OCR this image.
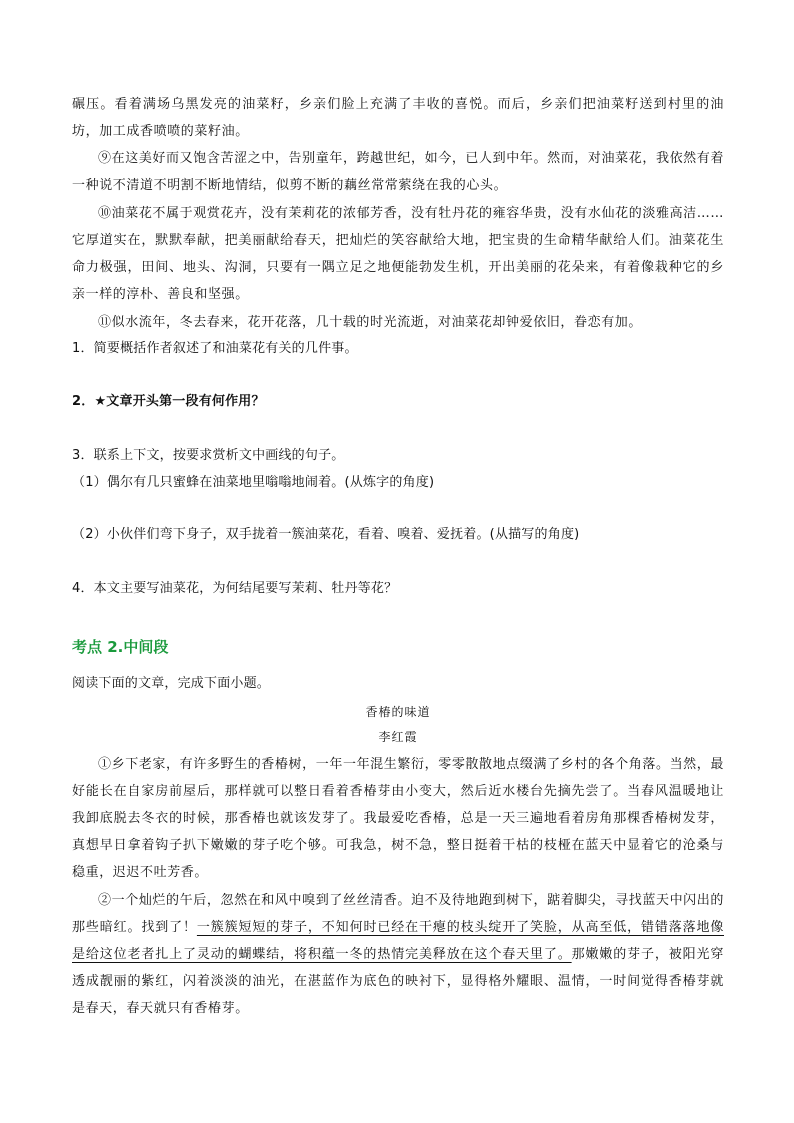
碾压。看着满场乌黑发亮的油菜籽，乡亲们脸上充满了丰收的喜悦。而后，乡亲们把油菜籽送到村里的油坊，加工成香喷喷的菜籽油。

⑨在这美好而又饱含苦涩之中，告别童年，跨越世纪，如今，已人到中年。然而，对油菜花，我依然有着一种说不清道不明割不断地情结，似剪不断的藕丝常常萦绕在我的心头。

⑩油菜花不属于观赏花卉，没有茉莉花的浓郁芳香，没有牡丹花的雍容华贵，没有水仙花的淡雅高洁……它厚道实在，默默奉献，把美丽献给春天，把灿烂的笑容献给大地，把宝贵的生命精华献给人们。油菜花生命力极强，田间、地头、沟洞，只要有一隅立足之地便能勃发生机，开出美丽的花朵来，有着像栽种它的乡亲一样的淳朴、善良和坚强。

⑪似水流年，冬去春来，花开花落，几十载的时光流逝，对油菜花却钟爱依旧，眷恋有加。

1．简要概括作者叙述了和油菜花有关的几件事。

2．★文章开头第一段有何作用？

3．联系上下文，按要求赏析文中画线的句子。

（1）偶尔有几只蜜蜂在油菜地里嗡嗡地闹着。(从炼字的角度)

（2）小伙伴们弯下身子，双手拢着一簇油菜花，看着、嗅着、爱抚着。(从描写的角度)

4．本文主要写油菜花，为何结尾要写茉莉、牡丹等花？

考点 2.中间段

阅读下面的文章，完成下面小题。

香椿的味道

李红霞

①乡下老家，有许多野生的香椿树，一年一年混生繁衍，零零散散地点缀满了乡村的各个角落。当然，最好能长在自家房前屋后，那样就可以整日看着香椿芽由小变大，然后近水楼台先摘先尝了。当春风温暖地让我卸底脱去冬衣的时候，那香椿也就该发芽了。我最爱吃香椿，总是一天三遍地看着房角那棵香椿树发芽，真想早日拿着钩子扒下嫩嫩的芽子吃个够。可我急，树不急，整日挺着干枯的枝桠在蓝天中显着它的沧桑与稳重，迟迟不吐芳香。

②一个灿烂的午后，忽然在和风中嗅到了丝丝清香。迫不及待地跑到树下，踮着脚尖，寻找蓝天中闪出的那些暗红。找到了！一簇簇短短的芽子，不知何时已经在干瘪的枝头绽开了笑脸，从高至低，错错落落地像是给这位老者扎上了灵动的蝴蝶结，将积蕴一冬的热情完美释放在这个春天里了。那嫩嫩的芽子，被阳光穿透成靓丽的紫红，闪着淡淡的油光，在湛蓝作为底色的映衬下，显得格外耀眼、温情，一时间觉得香椿芽就是春天，春天就只有香椿芽。
